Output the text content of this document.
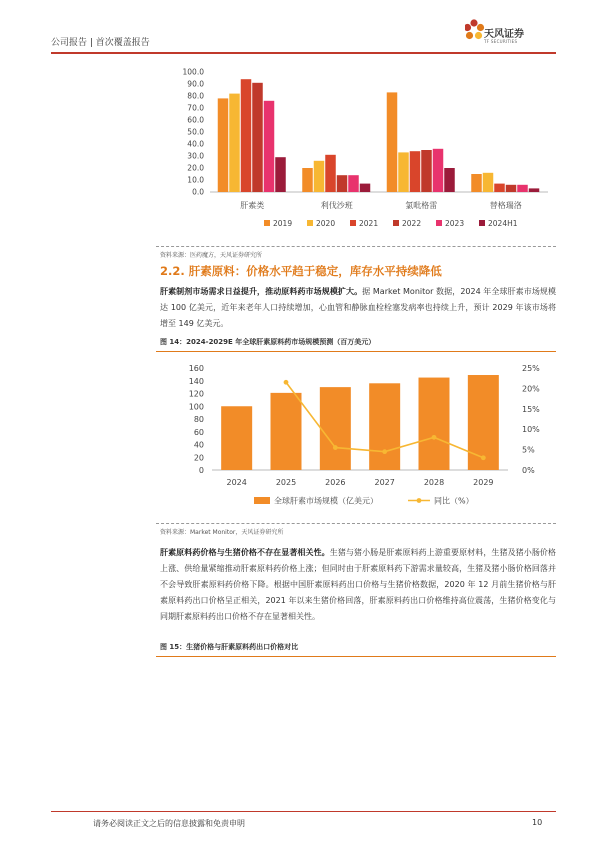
公司报告 | 首次覆盖报告
天风证券
TF SECURITIES
0.0
10.0
20.0
30.0
40.0
50.0
60.0
70.0
80.0
90.0
100.0
肝素类	利伐沙班	氯吡格雷	替格瑞洛
2019	2020	2021	2022	2023	2024H1
资料来源：医药魔方，天风证券研究所
2.2. 肝素原料：价格水平趋于稳定，库存水平持续降低
肝素制剂市场需求日益提升，推动原料药市场规模扩大。据 Market Monitor 数据，2024 年全球肝素市场规模达 100 亿美元，近年来老年人口持续增加，心血管和静脉血栓栓塞发病率也持续上升，预计 2029 年该市场将增至 149 亿美元。
图 14：2024-2029E 年全球肝素原料药市场规模预测（百万美元）
0
20
40
60
80
100
120
140
160
0%
5%
10%
15%
20%
25%
2024	2025	2026	2027	2028	2029
全球肝素市场规模（亿美元）	同比（%）
资料来源：Market Monitor，天风证券研究所
肝素原料药价格与生猪价格不存在显著相关性。生猪与猪小肠是肝素原料药上游重要原材料，生猪及猪小肠价格上涨、供给量紧缩推动肝素原料药价格上涨；但同时由于肝素原料药下游需求量较高，生猪及猪小肠价格回落并不会导致肝素原料药价格下降。根据中国肝素原料药出口价格与生猪价格数据，2020 年 12 月前生猪价格与肝素原料药出口价格呈正相关，2021 年以来生猪价格回落，肝素原料药出口价格维持高位震荡，生猪价格变化与同期肝素原料药出口价格不存在显著相关性。
图 15：生猪价格与肝素原料药出口价格对比
请务必阅读正文之后的信息披露和免责申明	10
